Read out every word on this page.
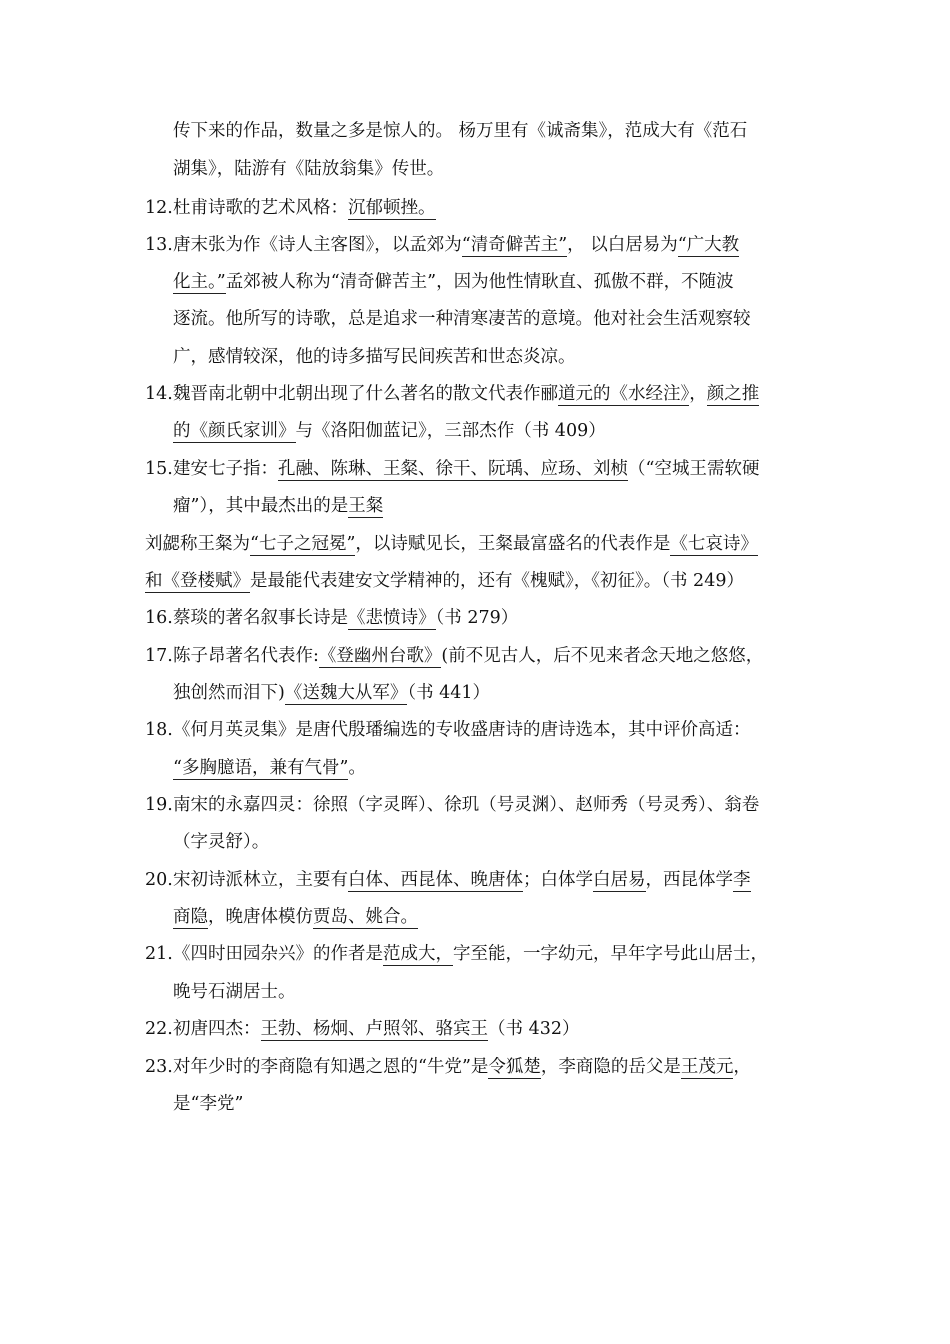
传下来的作品，数量之多是惊人的。 杨万里有《诚斋集》，范成大有《范石
湖集》，陆游有《陆放翁集》传世。
12.杜甫诗歌的艺术风格：沉郁顿挫。
13.唐末张为作《诗人主客图》，以孟郊为“清奇僻苦主”， 以白居易为“广大教
化主。”孟郊被人称为“清奇僻苦主”，因为他性情耿直、孤傲不群，不随波
逐流。他所写的诗歌，总是追求一种清寒凄苦的意境。他对社会生活观察较
广，感情较深，他的诗多描写民间疾苦和世态炎凉。
14.魏晋南北朝中北朝出现了什么著名的散文代表作郦道元的《水经注》，颜之推
的《颜氏家训》与《洛阳伽蓝记》，三部杰作（书 409）
15.建安七子指：孔融、陈琳、王粲、徐干、阮瑀、应玚、刘桢（“空城王需软硬
瘤”），其中最杰出的是王粲
刘勰称王粲为“七子之冠冕”，以诗赋见长，王粲最富盛名的代表作是《七哀诗》
和《登楼赋》是最能代表建安文学精神的，还有《槐赋》，《初征》。（书 249）
16.蔡琰的著名叙事长诗是《悲愤诗》（书 279）
17.陈子昂著名代表作:《登幽州台歌》(前不见古人，后不见来者念天地之悠悠，
独创然而泪下)《送魏大从军》（书 441）
18.《何月英灵集》是唐代殷璠编选的专收盛唐诗的唐诗选本，其中评价高适：
“多胸臆语，兼有气骨”。
19.南宋的永嘉四灵：徐照（字灵晖）、徐玑（号灵渊）、赵师秀（号灵秀）、翁卷
（字灵舒）。
20.宋初诗派林立，主要有白体、西昆体、晚唐体；白体学白居易，西昆体学李
商隐，晚唐体模仿贾岛、姚合。
21.《四时田园杂兴》的作者是范成大，字至能，一字幼元，早年字号此山居士，
晚号石湖居士。
22.初唐四杰：王勃、杨炯、卢照邻、骆宾王（书 432）
23.对年少时的李商隐有知遇之恩的“牛党”是令狐楚，李商隐的岳父是王茂元，
是“李党”
